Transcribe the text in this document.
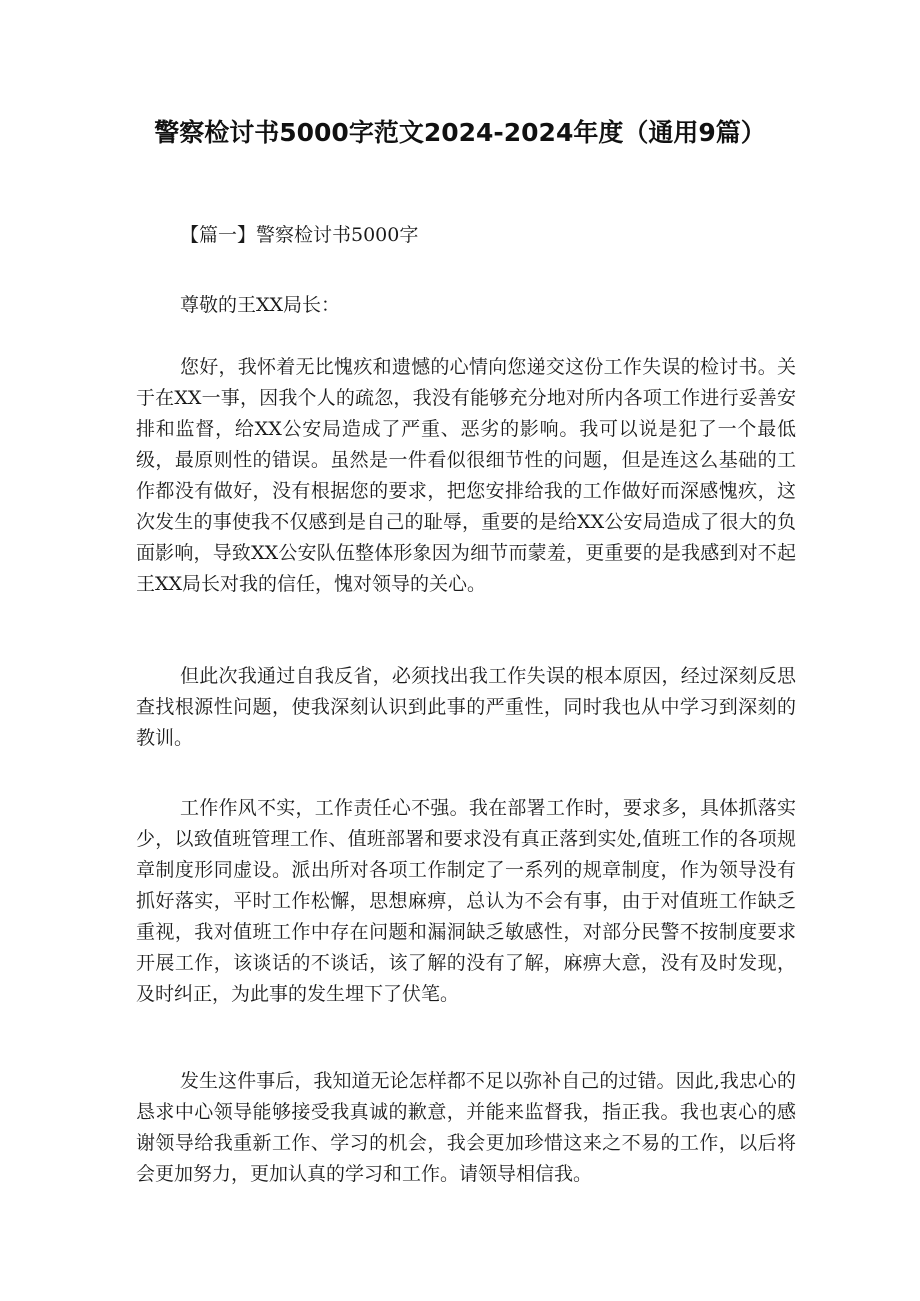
警察检讨书5000字范文2024-2024年度（通用9篇）
【篇一】警察检讨书5000字
尊敬的王XX局长：

您好，我怀着无比愧疚和遗憾的心情向您递交这份工作失误的检讨书。关于在XX一事，因我个人的疏忽，我没有能够充分地对所内各项工作进行妥善安排和监督，给XX公安局造成了严重、恶劣的影响。我可以说是犯了一个最低级，最原则性的错误。虽然是一件看似很细节性的问题，但是连这么基础的工作都没有做好，没有根据您的要求，把您安排给我的工作做好而深感愧疚，这次发生的事使我不仅感到是自己的耻辱，重要的是给XX公安局造成了很大的负面影响，导致XX公安队伍整体形象因为细节而蒙羞，更重要的是我感到对不起王XX局长对我的信任，愧对领导的关心。

但此次我通过自我反省，必须找出我工作失误的根本原因，经过深刻反思查找根源性问题，使我深刻认识到此事的严重性，同时我也从中学习到深刻的教训。

工作作风不实，工作责任心不强。我在部署工作时，要求多，具体抓落实少，以致值班管理工作、值班部署和要求没有真正落到实处,值班工作的各项规章制度形同虚设。派出所对各项工作制定了一系列的规章制度，作为领导没有抓好落实，平时工作松懈，思想麻痹，总认为不会有事，由于对值班工作缺乏重视，我对值班工作中存在问题和漏洞缺乏敏感性，对部分民警不按制度要求开展工作，该谈话的不谈话，该了解的没有了解，麻痹大意，没有及时发现，及时纠正，为此事的发生埋下了伏笔。

发生这件事后，我知道无论怎样都不足以弥补自己的过错。因此,我忠心的恳求中心领导能够接受我真诚的歉意，并能来监督我，指正我。我也衷心的感谢领导给我重新工作、学习的机会，我会更加珍惜这来之不易的工作，以后将会更加努力，更加认真的学习和工作。请领导相信我。
